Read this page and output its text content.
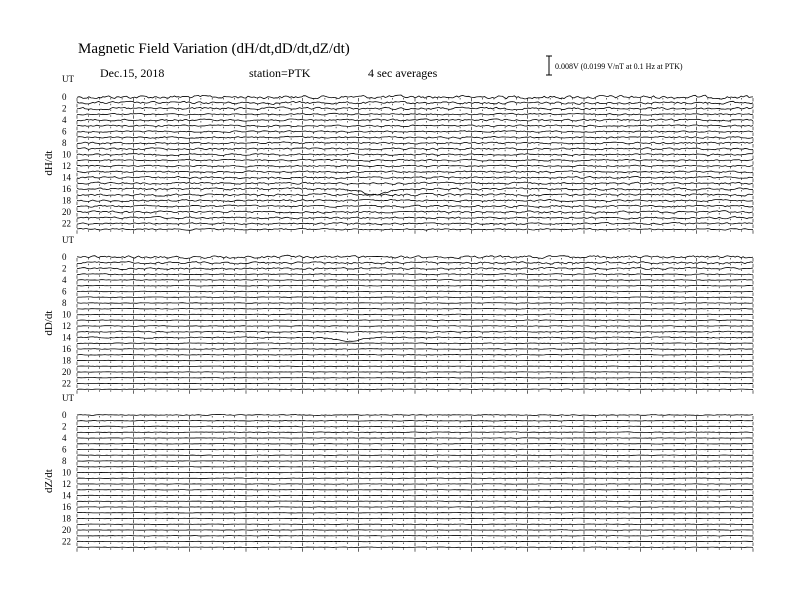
Magnetic Field Variation (dH/dt,dD/dt,dZ/dt)
Dec.15, 2018	station=PTK	4 sec averages	0.008V (0.0199 V/nT at 0.1 Hz at PTK)
UT
dH/dt
0
2
4
6
8
10
12
14
16
18
20
22
UT
dD/dt
0
2
4
6
8
10
12
14
16
18
20
22
UT
dZ/dt
0
2
4
6
8
10
12
14
16
18
20
22
